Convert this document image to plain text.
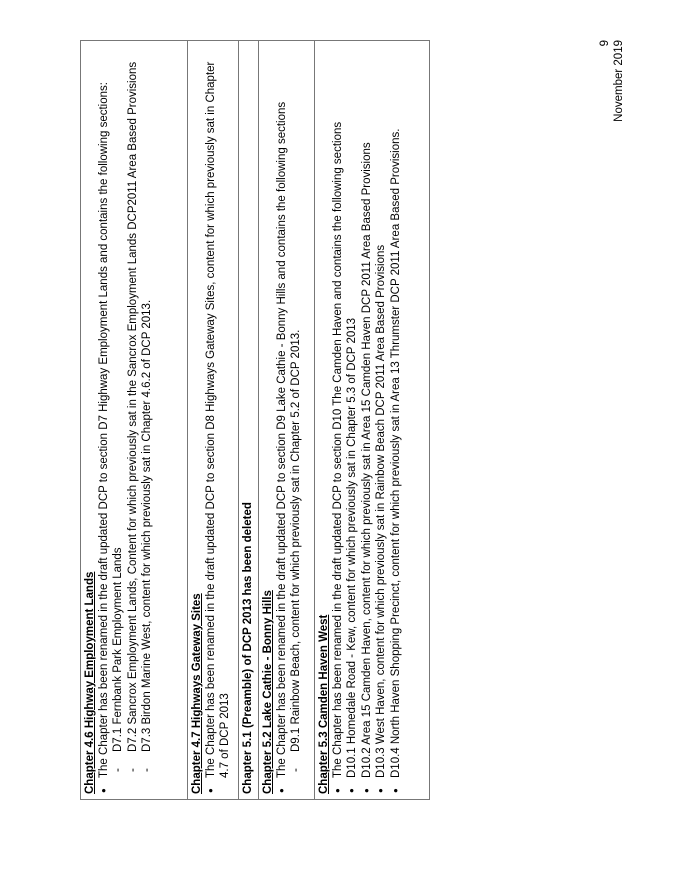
Chapter 4.6 Highway Employment Lands ● The Chapter has been renamed in the draft updated DCP to section D7 Highway Employment Lands and contains the following sections: - D7.1 Fernbank Park Employment Lands - D7.2 Sancrox Employment Lands, Content for which previously sat in the Sancrox Employment Lands DCP2011 Area Based Provisions - D7.3 Birdon Marine West, content for which previously sat in Chapter 4.6.2 of DCP 2013.	Chapter 4.7 Highways Gateway Sites ● The Chapter has been renamed in the draft updated DCP to section D8 Highways Gateway Sites, content for which previously sat in Chapter 4.7 of DCP 2013 Chapter 5.1 (Preamble) of DCP 2013 has been deleted Chapter 5.2 Lake Cathie - Bonny Hills ● The Chapter has been renamed in the draft updated DCP to section D9 Lake Cathie - Bonny Hills and contains the following sections - D9.1 Rainbow Beach, content for which previously sat in Chapter 5.2 of DCP 2013. Chapter 5.3 Camden Haven West ● The Chapter has been renamed in the draft updated DCP to section D10 The Camden Haven and contains the following sections ● D10.1 Homedale Road - Kew, content for which previously sat in Chapter 5.3 of DCP 2013 ● D10.2 Area 15 Camden Haven, content for which previously sat in Area 15 Camden Haven DCP 2011 Area Based Provisions ● D10.3 West Haven, content for which previously sat in Rainbow Beach DCP 2011 Area Based Provisions ● D10.4 North Haven Shopping Precinct, content for which previously sat in Area 13 Thrumster DCP 2011 Area Based Provisions.
9 November 2019
